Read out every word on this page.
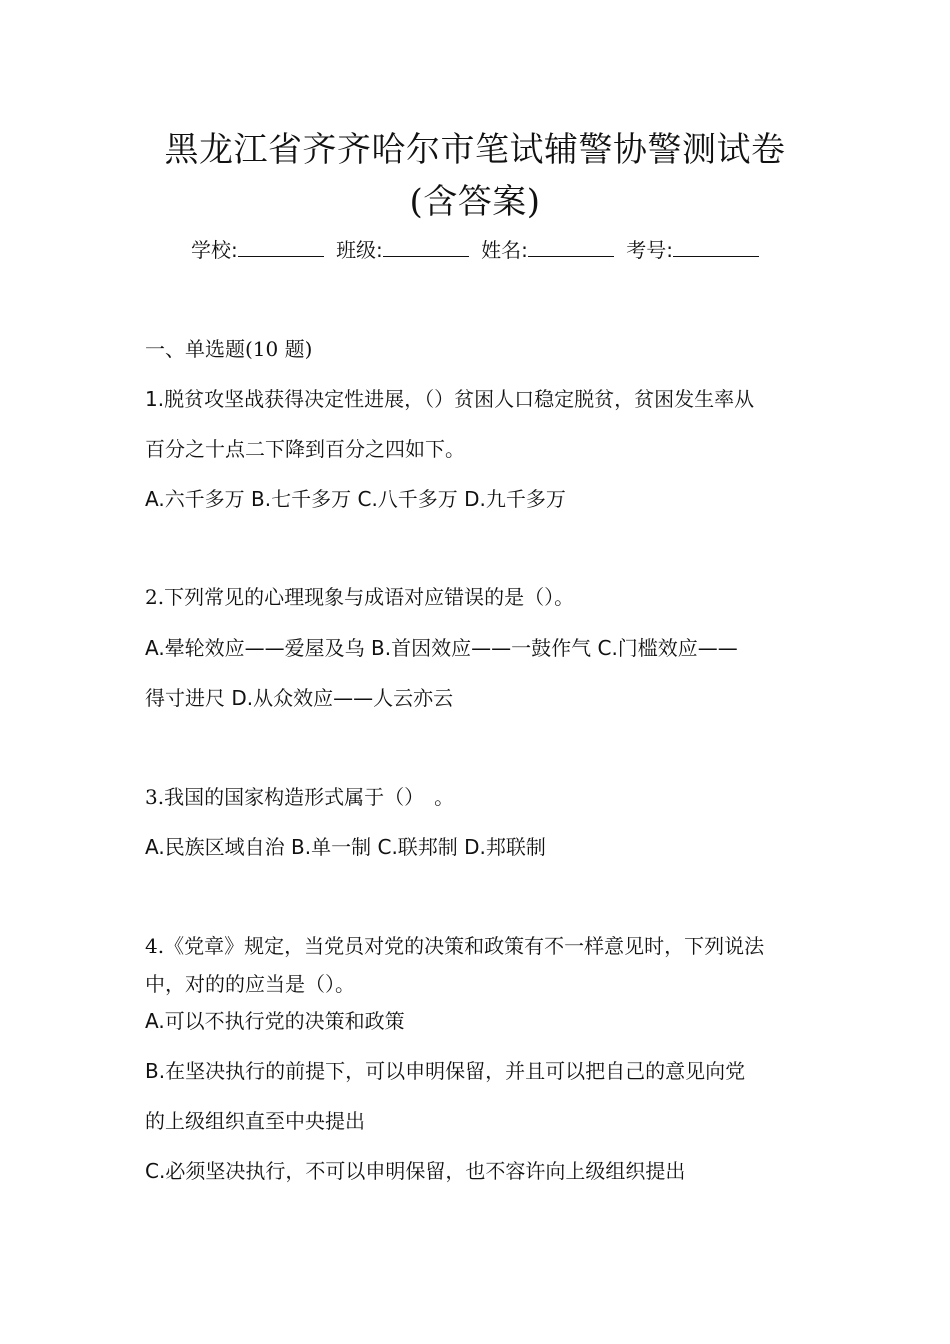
黑龙江省齐齐哈尔市笔试辅警协警测试卷
(含答案)
学校:	班级:	姓名:	考号:
一、单选题(10 题)
1.脱贫攻坚战获得决定性进展，（）贫困人口稳定脱贫，贫困发生率从
百分之十点二下降到百分之四如下。
A.六千多万 B.七千多万 C.八千多万 D.九千多万
2.下列常见的心理现象与成语对应错误的是（）。
A.晕轮效应——爱屋及乌 B.首因效应——一鼓作气 C.门槛效应——
得寸进尺 D.从众效应——人云亦云
3.我国的国家构造形式属于（）　。
A.民族区域自治 B.单一制 C.联邦制 D.邦联制
4.《党章》规定，当党员对党的决策和政策有不一样意见时，下列说法
中，对的的应当是（）。
A.可以不执行党的决策和政策
B.在坚决执行的前提下，可以申明保留，并且可以把自己的意见向党
的上级组织直至中央提出
C.必须坚决执行，不可以申明保留，也不容许向上级组织提出
